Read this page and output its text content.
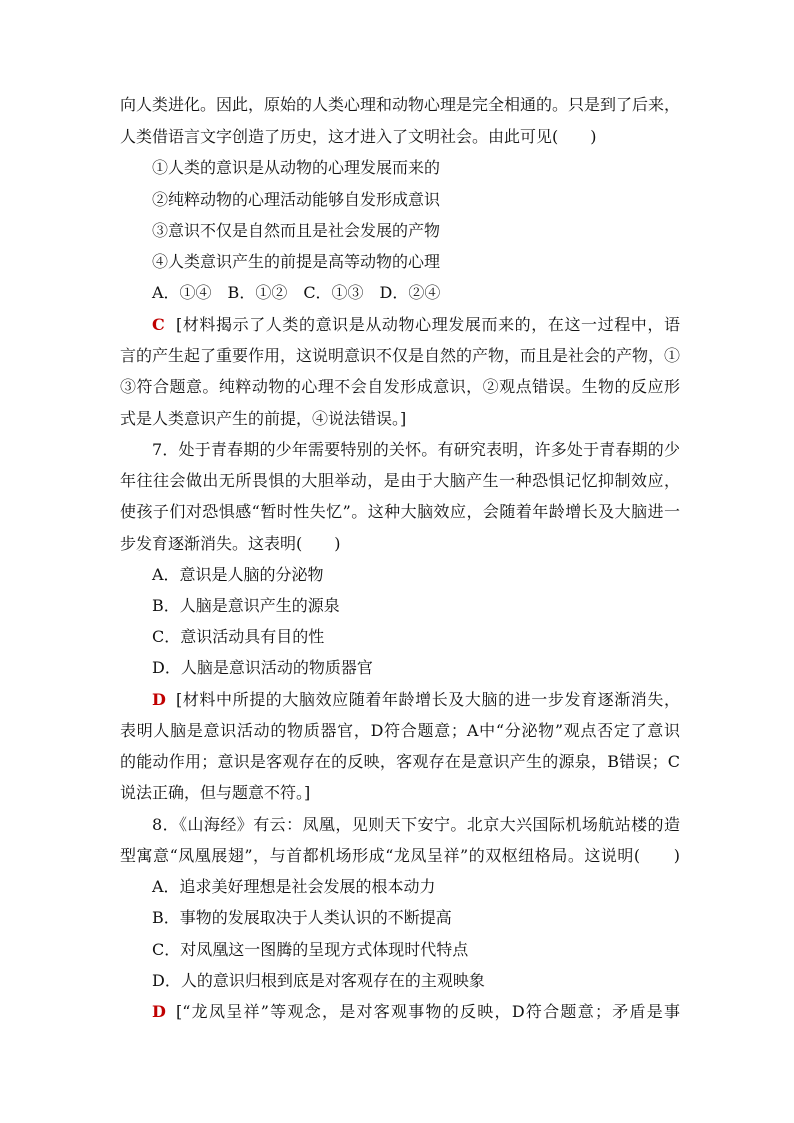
向人类进化。因此，原始的人类心理和动物心理是完全相通的。只是到了后来，
人类借语言文字创造了历史，这才进入了文明社会。由此可见(　　)
①人类的意识是从动物的心理发展而来的
②纯粹动物的心理活动能够自发形成意识
③意识不仅是自然而且是社会发展的产物
④人类意识产生的前提是高等动物的心理
A．①④　B．①②　C．①③　D．②④
C [材料揭示了人类的意识是从动物心理发展而来的，在这一过程中，语
言的产生起了重要作用，这说明意识不仅是自然的产物，而且是社会的产物，①
③符合题意。纯粹动物的心理不会自发形成意识，②观点错误。生物的反应形
式是人类意识产生的前提，④说法错误。]
7．处于青春期的少年需要特别的关怀。有研究表明，许多处于青春期的少
年往往会做出无所畏惧的大胆举动，是由于大脑产生一种恐惧记忆抑制效应，
使孩子们对恐惧感“暂时性失忆”。这种大脑效应，会随着年龄增长及大脑进一
步发育逐渐消失。这表明(　　)
A．意识是人脑的分泌物
B．人脑是意识产生的源泉
C．意识活动具有目的性
D．人脑是意识活动的物质器官
D [材料中所提的大脑效应随着年龄增长及大脑的进一步发育逐渐消失，
表明人脑是意识活动的物质器官，D符合题意；A中“分泌物”观点否定了意识
的能动作用；意识是客观存在的反映，客观存在是意识产生的源泉，B错误；C
说法正确，但与题意不符。]
8．《山海经》有云：凤凰，见则天下安宁。北京大兴国际机场航站楼的造
型寓意“凤凰展翅”，与首都机场形成“龙凤呈祥”的双枢纽格局。这说明(　　)
A．追求美好理想是社会发展的根本动力
B．事物的发展取决于人类认识的不断提高
C．对凤凰这一图腾的呈现方式体现时代特点
D．人的意识归根到底是对客观存在的主观映象
D [“龙凤呈祥”等观念，是对客观事物的反映，D符合题意；矛盾是事
